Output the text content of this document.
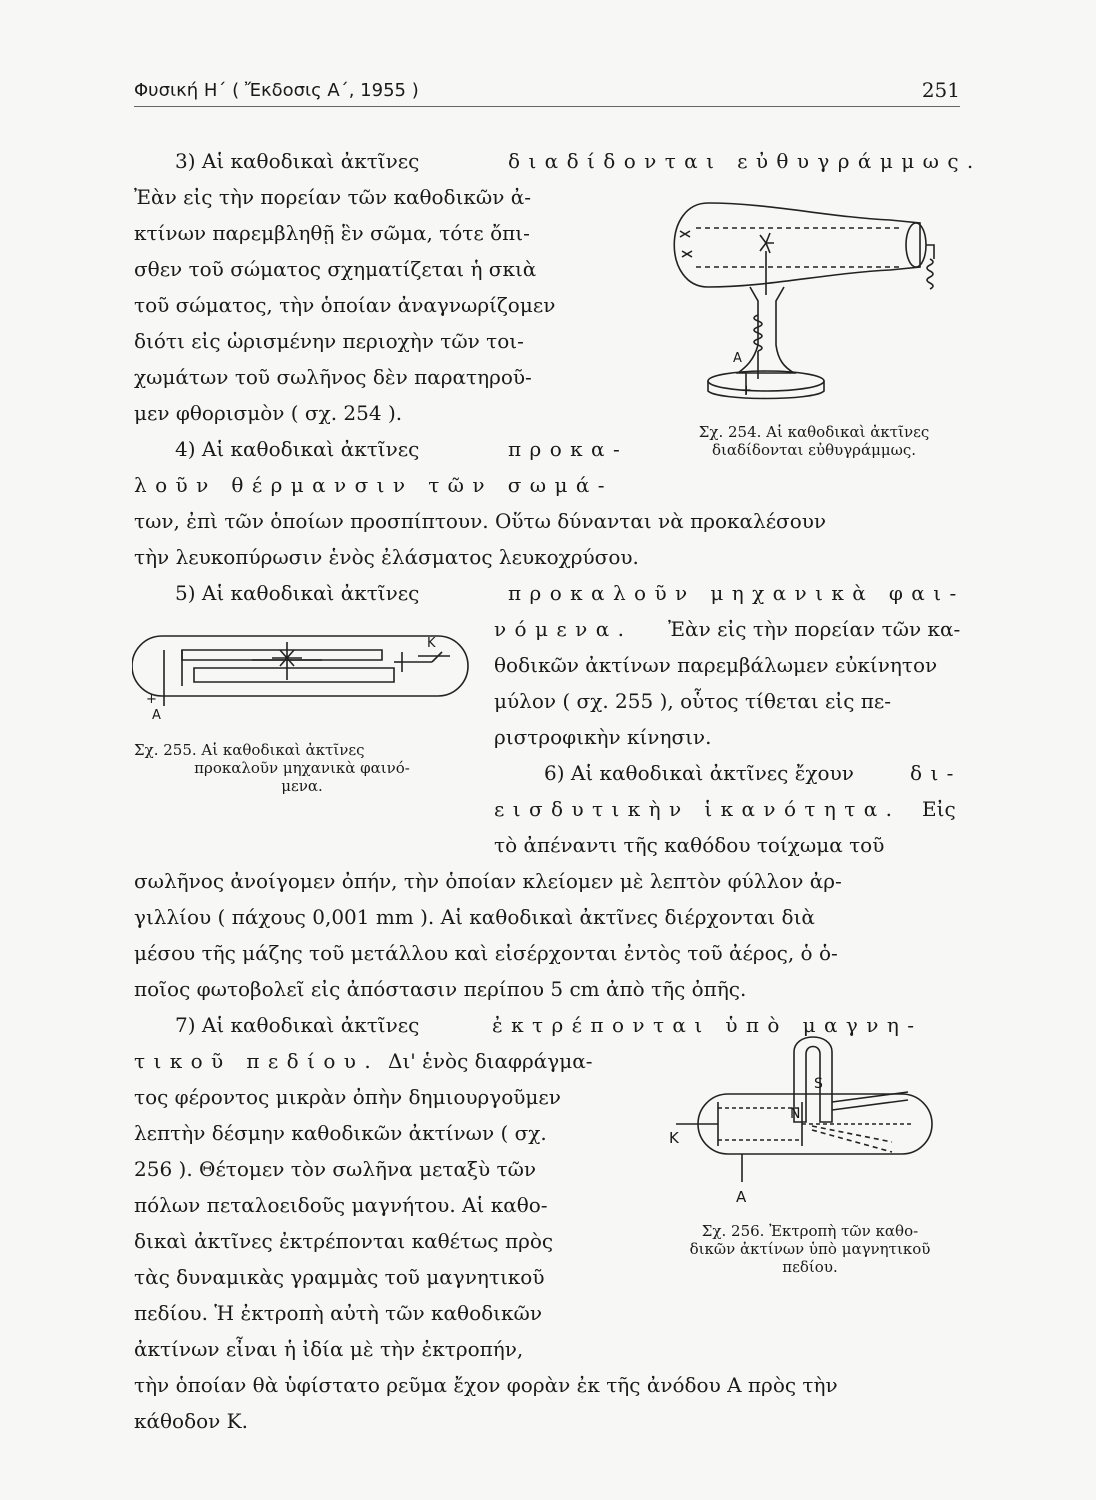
Φυσική Η΄ ( Ἔκδοσις Α΄, 1955 )	251
3) Αἱ καθοδικαὶ ἀκτῖνες	διαδίδονται εὐθυγράμμως.
Ἐὰν εἰς τὴν πορείαν τῶν καθοδικῶν ἀ-
κτίνων παρεμβληθῇ ἓν σῶμα, τότε ὄπι-
σθεν τοῦ σώματος σχηματίζεται ἡ σκιὰ
τοῦ σώματος, τὴν ὁποίαν ἀναγνωρίζομεν
διότι εἰς ὡρισμένην περιοχὴν τῶν τοι-
χωμάτων τοῦ σωλῆνος δὲν παρατηροῦ-
μεν φθορισμὸν ( σχ. 254 ).
4) Αἱ καθοδικαὶ ἀκτῖνες	προκα-
λοῦν θέρμανσιν τῶν σωμά-
των, ἐπὶ τῶν ὁποίων προσπίπτουν. Οὕτω δύνανται νὰ προκαλέσουν
τὴν λευκοπύρωσιν ἑνὸς ἐλάσματος λευκοχρύσου.
5) Αἱ καθοδικαὶ ἀκτῖνες	προκαλοῦν μηχανικὰ φαι-
νόμενα. Ἐὰν εἰς τὴν πορείαν τῶν κα-
θοδικῶν ἀκτίνων παρεμβάλωμεν εὐκίνητον
μύλον ( σχ. 255 ), οὗτος τίθεται εἰς πε-
ριστροφικὴν κίνησιν.
6) Αἱ καθοδικαὶ ἀκτῖνες ἔχουν	δι-
εισδυτικὴν ἱκανότητα. Εἰς
τὸ ἀπέναντι τῆς καθόδου τοίχωμα τοῦ
σωλῆνος ἀνοίγομεν ὀπήν, τὴν ὁποίαν κλείομεν μὲ λεπτὸν φύλλον ἀρ-
γιλλίου ( πάχους 0,001 mm ). Αἱ καθοδικαὶ ἀκτῖνες διέρχονται διὰ
μέσου τῆς μάζης τοῦ μετάλλου καὶ εἰσέρχονται ἐντὸς τοῦ ἀέρος, ὁ ὁ-
ποῖος φωτοβολεῖ εἰς ἀπόστασιν περίπου 5 cm ἀπὸ τῆς ὀπῆς.
7) Αἱ καθοδικαὶ ἀκτῖνες	ἐκτρέπονται ὑπὸ μαγνη-
τικοῦ πεδίου. Δι' ἑνὸς διαφράγμα-
τος φέροντος μικρὰν ὀπὴν δημιουργοῦμεν
λεπτὴν δέσμην καθοδικῶν ἀκτίνων ( σχ.
256 ). Θέτομεν τὸν σωλῆνα μεταξὺ τῶν
πόλων πεταλοειδοῦς μαγνήτου. Αἱ καθο-
δικαὶ ἀκτῖνες ἐκτρέπονται καθέτως πρὸς
τὰς δυναμικὰς γραμμὰς τοῦ μαγνητικοῦ
πεδίου. Ἡ ἐκτροπὴ αὐτὴ τῶν καθοδικῶν
ἀκτίνων εἶναι ἡ ἰδία μὲ τὴν ἐκτροπήν,
τὴν ὁποίαν θὰ ὑφίστατο ρεῦμα ἔχον φορὰν ἐκ τῆς ἀνόδου Α πρὸς τὴν
κάθοδον Κ.
Α
+
Σχ. 254. Αἱ καθοδικαὶ ἀκτῖνες
διαδίδονται εὐθυγράμμως.
Κ
+
Α
Σχ. 255. Αἱ καθοδικαὶ ἀκτῖνες
προκαλοῦν μηχανικὰ φαινό-
μενα.
Κ
Α
S
N
Σχ. 256. Ἐκτροπὴ τῶν καθο-
δικῶν ἀκτίνων ὑπὸ μαγνητικοῦ
πεδίου.
